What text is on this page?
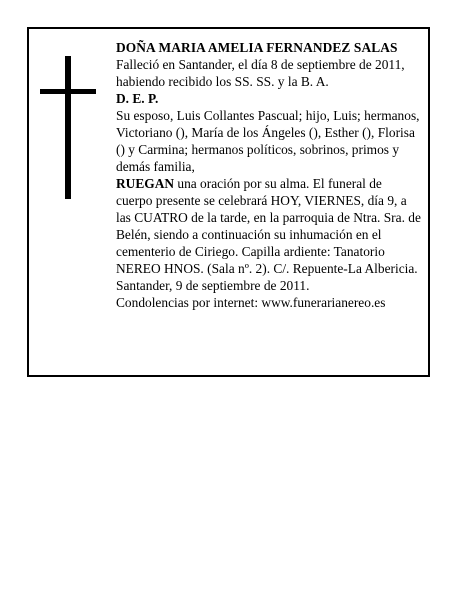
DOÑA MARIA AMELIA FERNANDEZ SALAS

Falleció en Santander, el día 8 de septiembre de 2011, habiendo recibido los SS. SS. y la B. A.

D. E. P.

Su esposo, Luis Collantes Pascual; hijo, Luis; hermanos, Victoriano (), María de los Ángeles (), Esther (), Florisa () y Carmina; hermanos políticos, sobrinos, primos y demás familia,

RUEGAN una oración por su alma. El funeral de cuerpo presente se celebrará HOY, VIERNES, día 9, a las CUATRO de la tarde, en la parroquia de Ntra. Sra. de Belén, siendo a continuación su inhumación en el cementerio de Ciriego. Capilla ardiente: Tanatorio NEREO HNOS. (Sala nº. 2). C/. Repuente-La Albericia.

Santander, 9 de septiembre de 2011.

Condolencias por internet: www.funerarianereo.es
